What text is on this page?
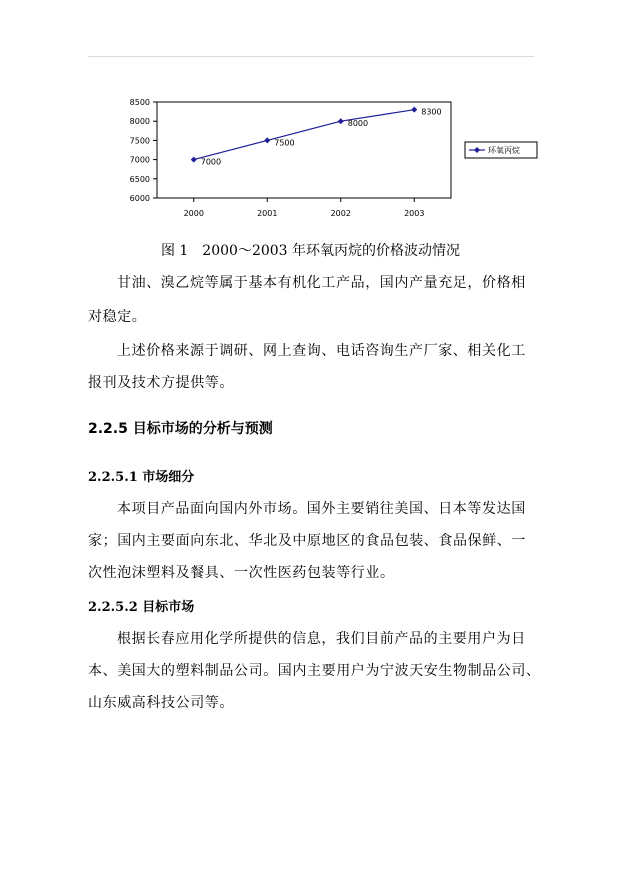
6000
6500
7000
7500
8000
8500
2000	2001	2002	2003
7000
7500
8000
8300
环氧丙烷
图 1　2000～2003 年环氧丙烷的价格波动情况

甘油、溴乙烷等属于基本有机化工产品，国内产量充足，价格相

对稳定。

上述价格来源于调研、网上查询、电话咨询生产厂家、相关化工

报刊及技术方提供等。

2.2.5 目标市场的分析与预测
2.2.5.1 市场细分

本项目产品面向国内外市场。国外主要销往美国、日本等发达国

家；国内主要面向东北、华北及中原地区的食品包装、食品保鲜、一

次性泡沫塑料及餐具、一次性医药包装等行业。

2.2.5.2 目标市场

根据长春应用化学所提供的信息，我们目前产品的主要用户为日

本、美国大的塑料制品公司。国内主要用户为宁波天安生物制品公司、

山东威高科技公司等。
